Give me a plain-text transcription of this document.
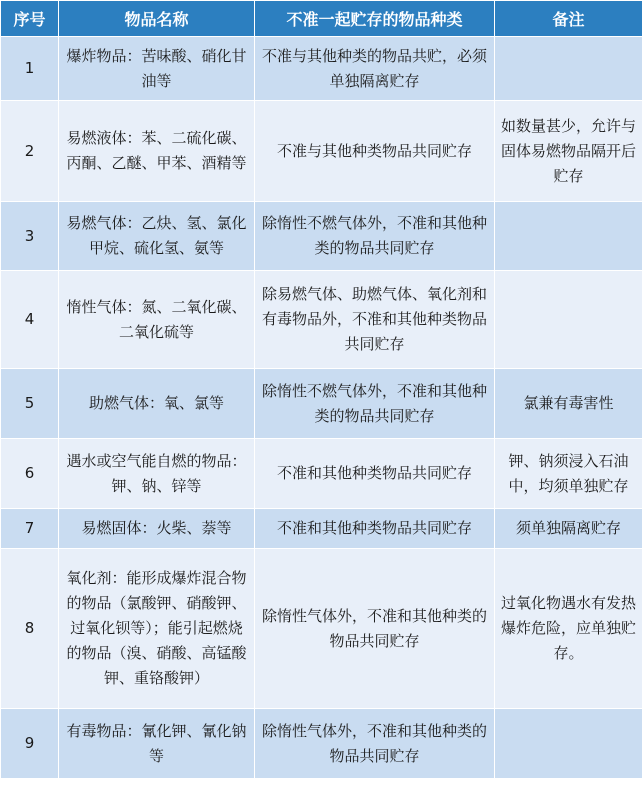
序号	物品名称	不准一起贮存的物品种类	备注
1	爆炸物品：苦味酸、硝化甘油等	不准与其他种类的物品共贮，必须单独隔离贮存	
2	易燃液体：苯、二硫化碳、丙酮、乙醚、甲苯、酒精等	不准与其他种类物品共同贮存	如数量甚少，允许与固体易燃物品隔开后贮存
3	易燃气体：乙炔、氢、氯化甲烷、硫化氢、氨等	除惰性不燃气体外，不准和其他种类的物品共同贮存	
4	惰性气体：氮、二氧化碳、二氧化硫等	除易燃气体、助燃气体、氧化剂和有毒物品外，不准和其他种类物品共同贮存	
5	助燃气体：氧、氯等	除惰性不燃气体外，不准和其他种类的物品共同贮存	氯兼有毒害性
6	遇水或空气能自燃的物品：钾、钠、锌等	不准和其他种类物品共同贮存	钾、钠须浸入石油中，均须单独贮存
7	易燃固体：火柴、萘等	不准和其他种类物品共同贮存	须单独隔离贮存
8	氧化剂：能形成爆炸混合物的物品（氯酸钾、硝酸钾、过氧化钡等）；能引起燃烧的物品（溴、硝酸、高锰酸钾、重铬酸钾）	除惰性气体外，不准和其他种类的物品共同贮存	过氧化物遇水有发热爆炸危险，应单独贮存。
9	有毒物品：氰化钾、氰化钠等	除惰性气体外，不准和其他种类的物品共同贮存	
